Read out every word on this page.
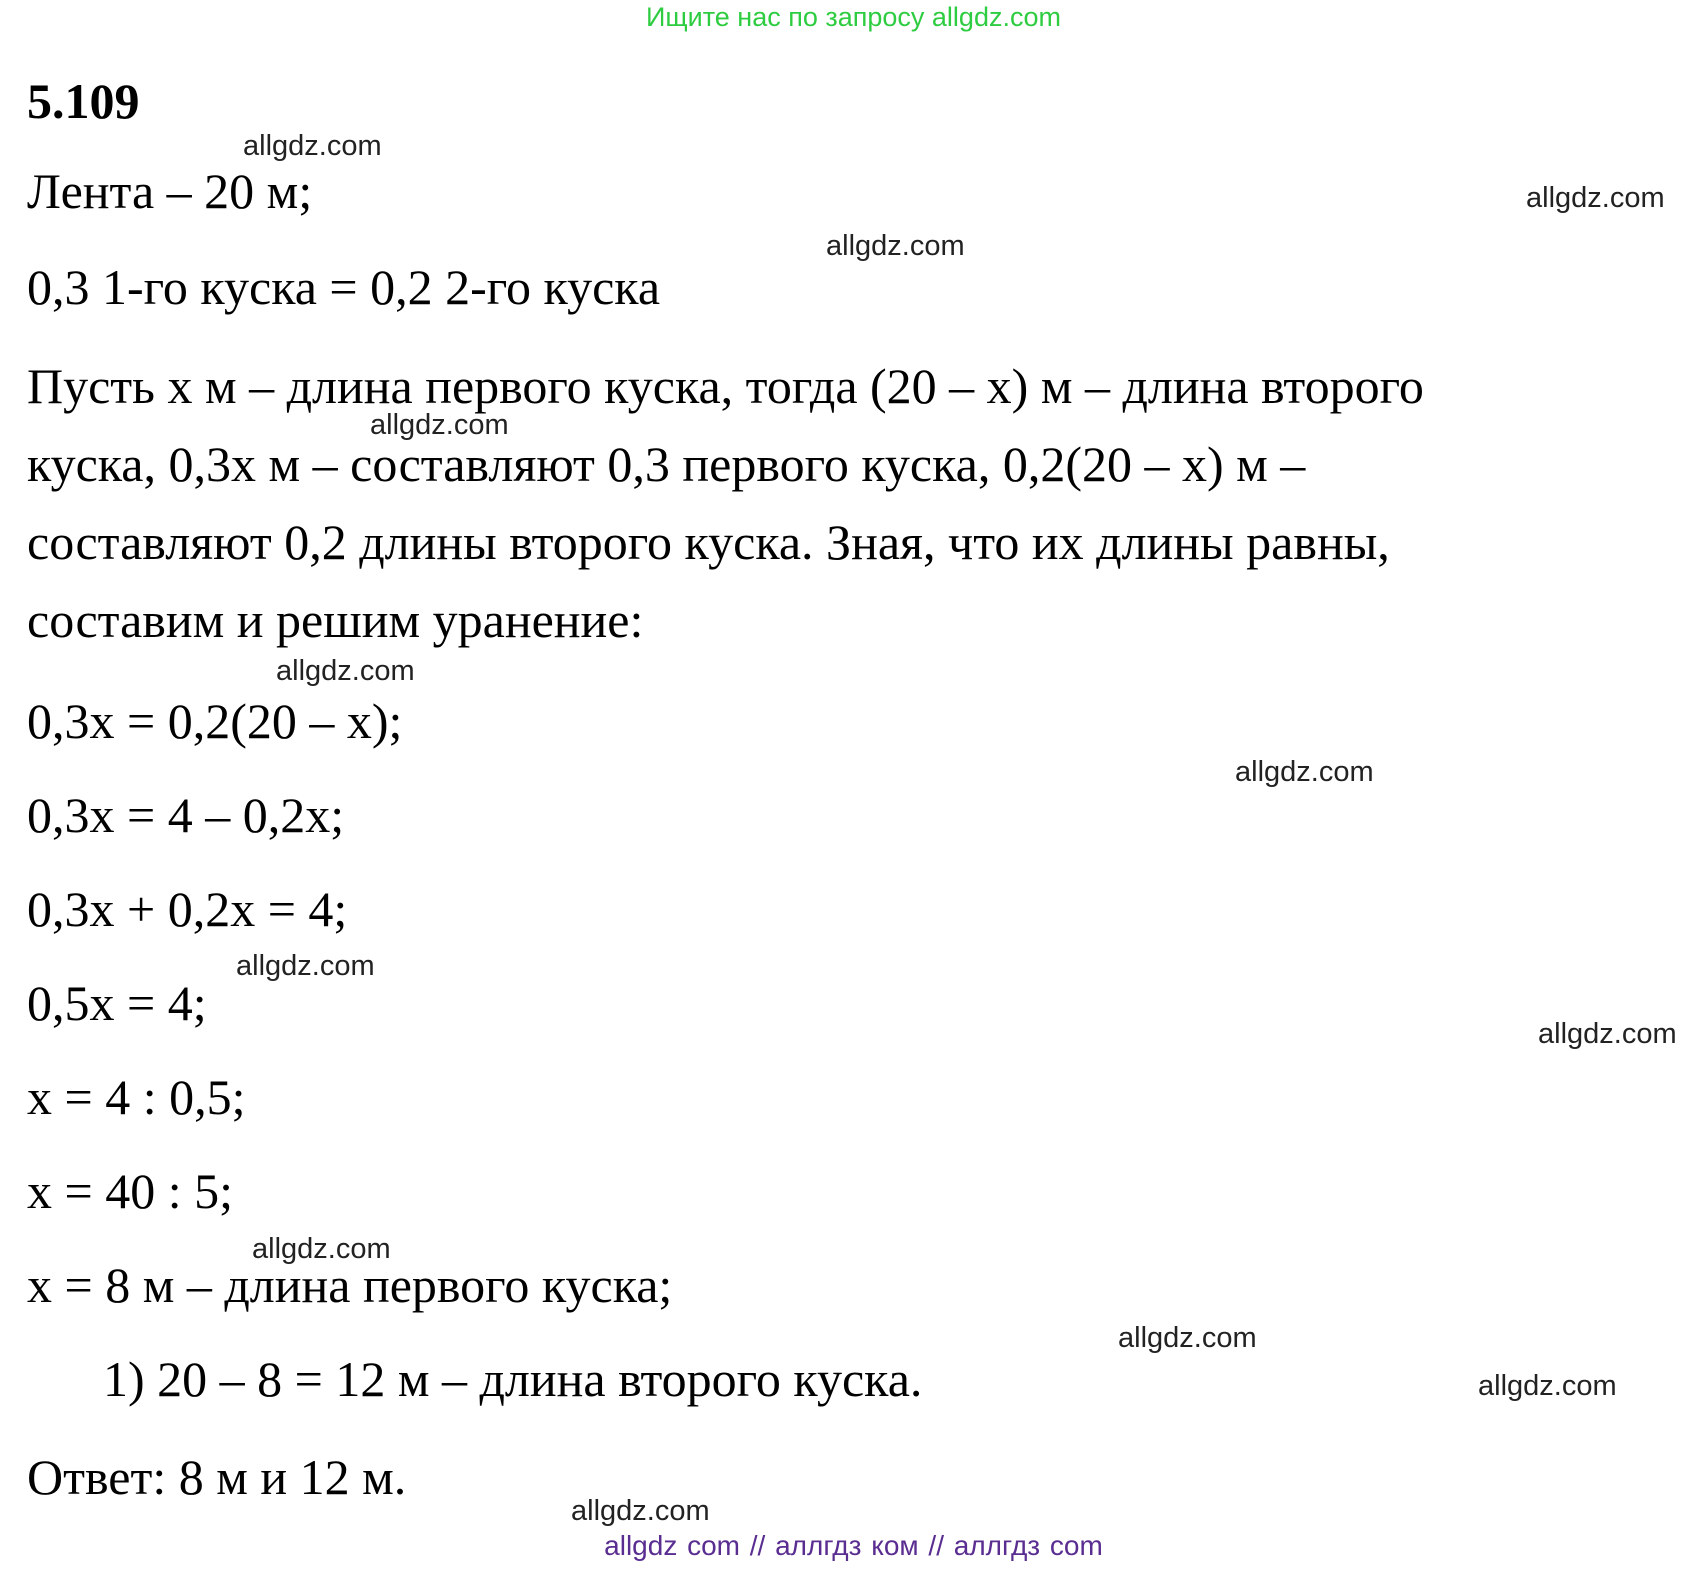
Ищите нас по запросу allgdz.com
5.109
Лента – 20 м;
0,3 1-го куска = 0,2 2-го куска
Пусть x м – длина первого куска, тогда (20 – x) м – длина второго
куска, 0,3x м – составляют 0,3 первого куска, 0,2(20 – x) м –
составляют 0,2 длины второго куска. Зная, что их длины равны,
составим и решим уранение:
0,3x = 0,2(20 – x);
0,3x = 4 – 0,2x;
0,3x + 0,2x = 4;
0,5x = 4;
x = 4 : 0,5;
x = 40 : 5;
x = 8 м – длина первого куска;
1) 20 – 8 = 12 м – длина второго куска.
Ответ: 8 м и 12 м.
allgdz.com
allgdz.com
allgdz.com
allgdz.com
allgdz.com
allgdz.com
allgdz.com
allgdz.com
allgdz.com
allgdz.com
allgdz.com
allgdz.com
allgdz com // аллгдз ком // аллгдз com
